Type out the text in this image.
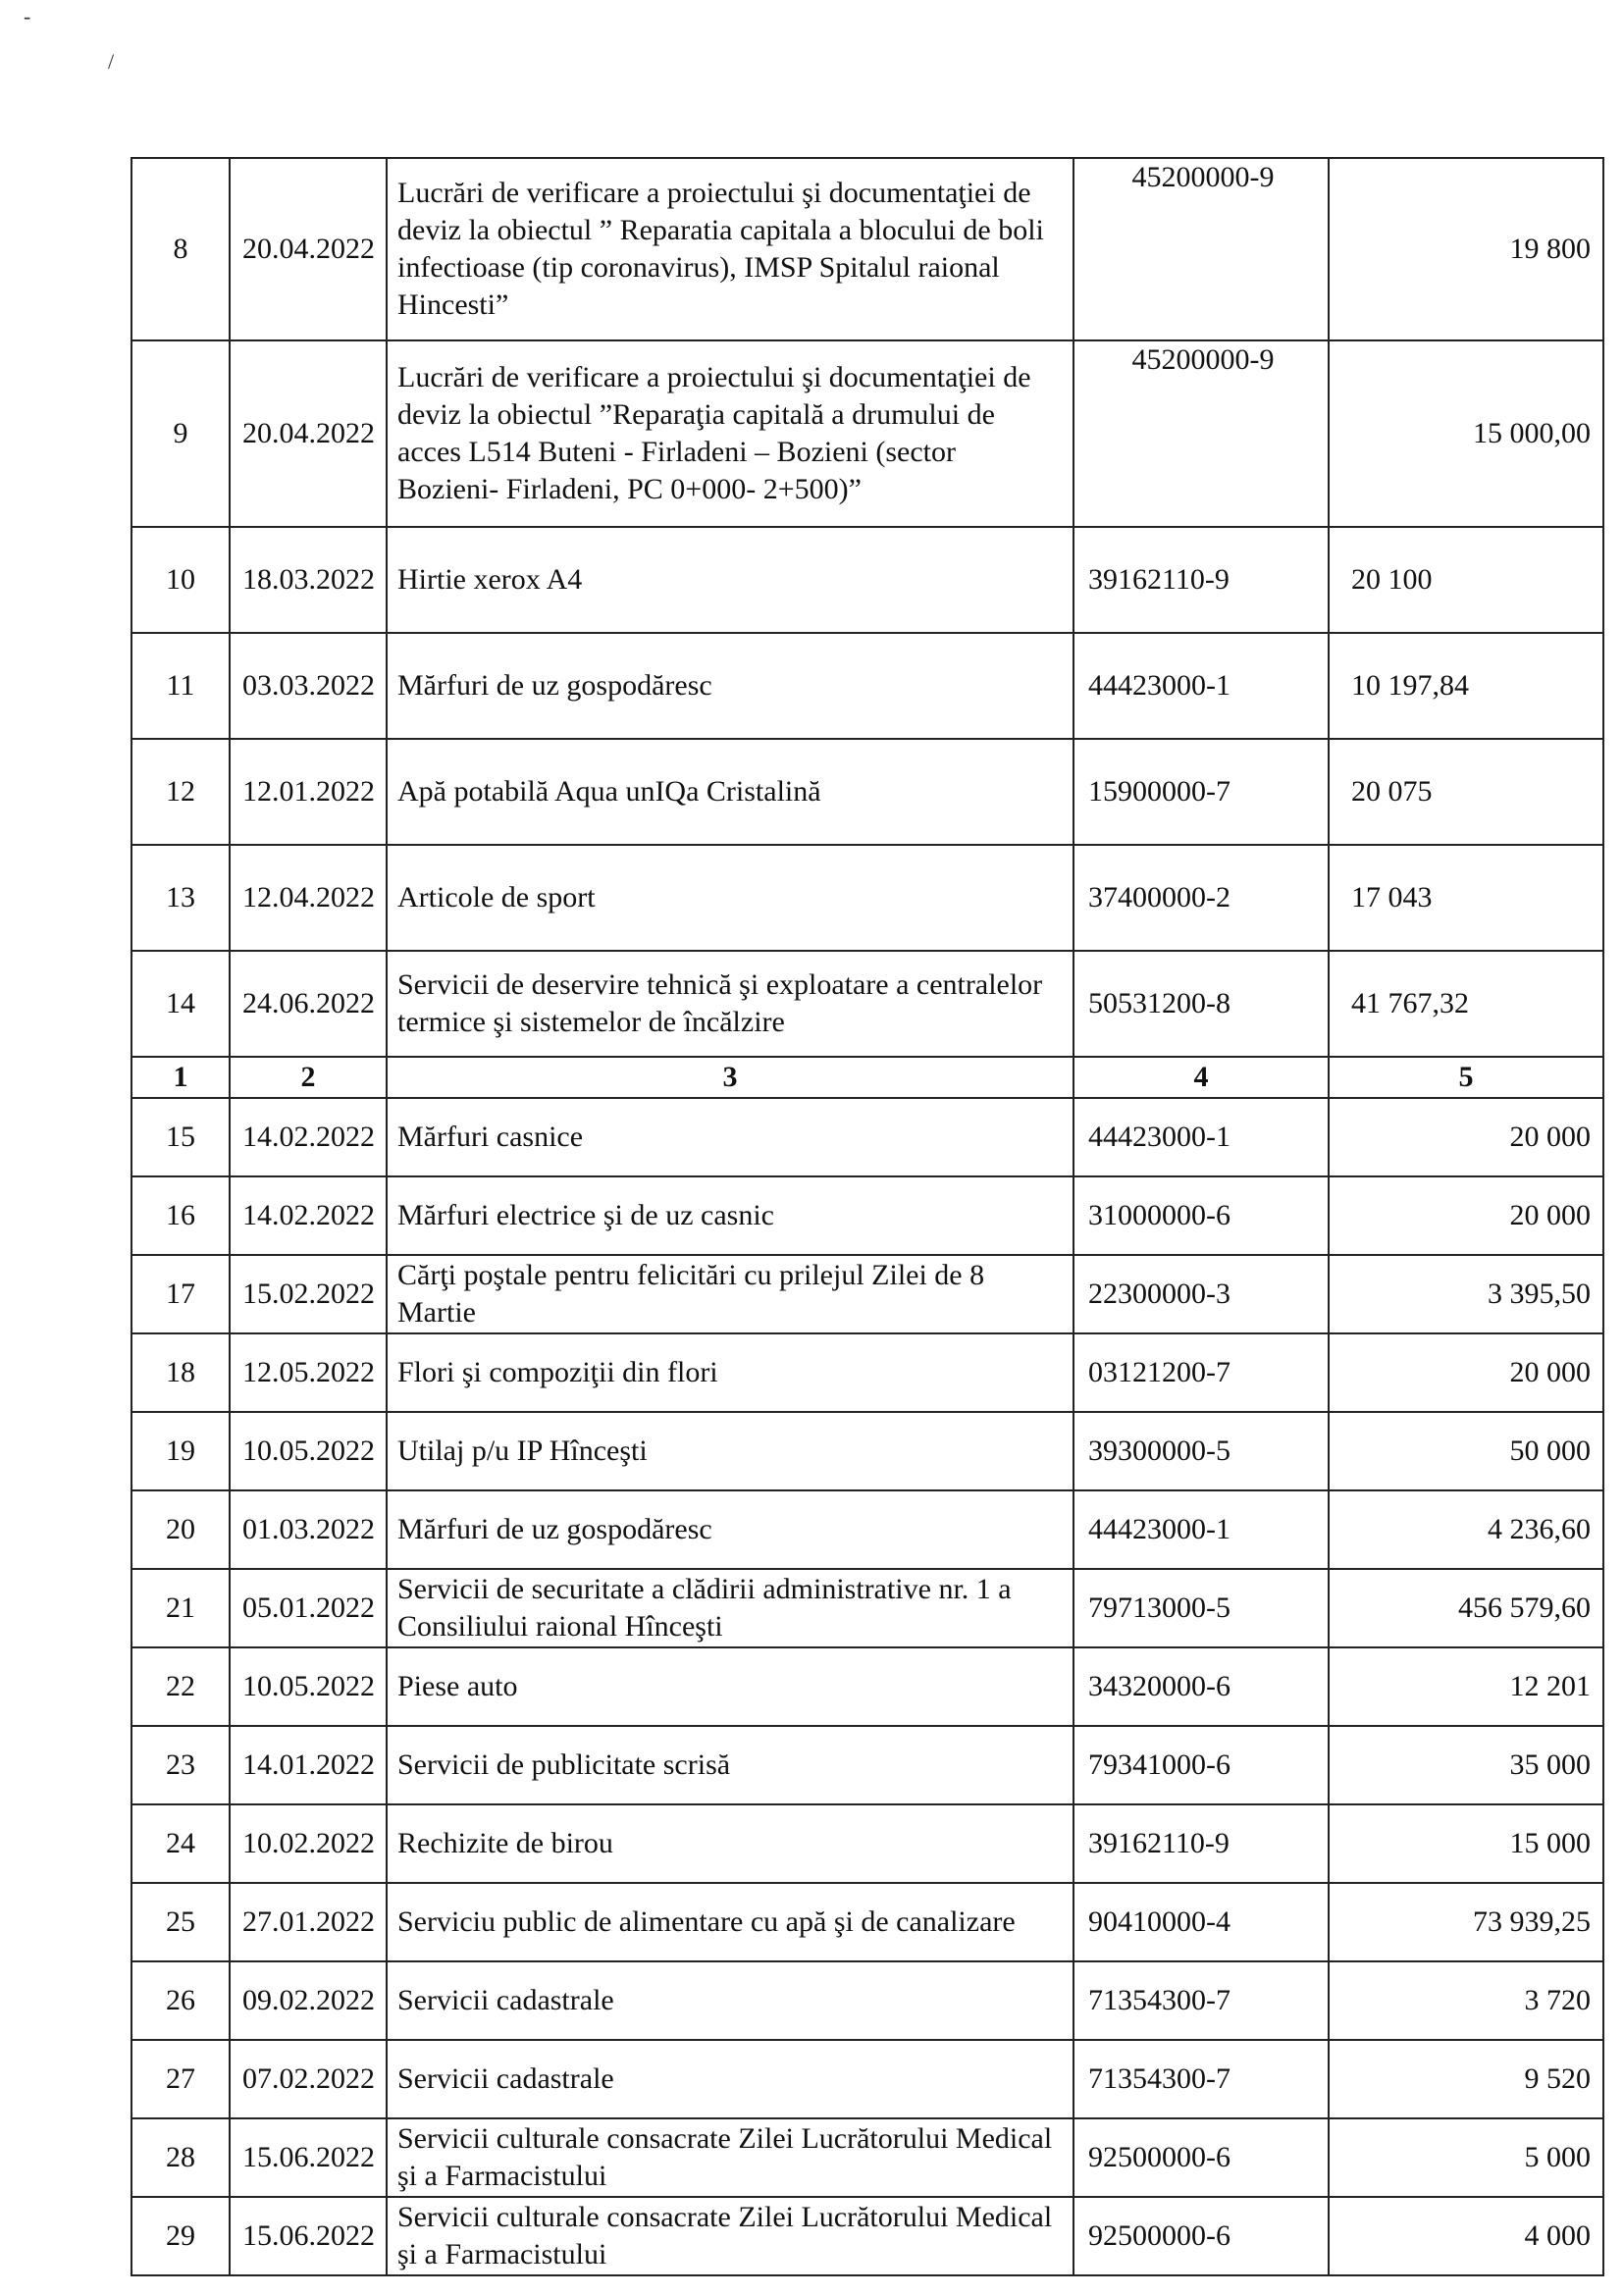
-
/
8	20.04.2022	Lucrări de verificare a proiectului şi documentaţiei de deviz la obiectul ” Reparatia capitala a blocului de boli infectioase (tip coronavirus), IMSP Spitalul raional Hincesti”	45200000-9	19 800
9	20.04.2022	Lucrări de verificare a proiectului şi documentaţiei de deviz la obiectul ”Reparaţia capitală a drumului de acces L514 Buteni - Firladeni – Bozieni (sector Bozieni- Firladeni, PC 0+000- 2+500)”	45200000-9	15 000,00
10	18.03.2022	Hirtie xerox A4	39162110-9	20 100
11	03.03.2022	Mărfuri de uz gospodăresc	44423000-1	10 197,84
12	12.01.2022	Apă potabilă Aqua unIQa Cristalină	15900000-7	20 075
13	12.04.2022	Articole de sport	37400000-2	17 043
14	24.06.2022	Servicii de deservire tehnică şi exploatare a centralelor termice şi sistemelor de încălzire	50531200-8	41 767,32
1	2	3	4	5
15	14.02.2022	Mărfuri casnice	44423000-1	20 000
16	14.02.2022	Mărfuri electrice şi de uz casnic	31000000-6	20 000
17	15.02.2022	Cărţi poştale pentru felicitări cu prilejul Zilei de 8 Martie	22300000-3	3 395,50
18	12.05.2022	Flori şi compoziţii din flori	03121200-7	20 000
19	10.05.2022	Utilaj p/u IP Hînceşti	39300000-5	50 000
20	01.03.2022	Mărfuri de uz gospodăresc	44423000-1	4 236,60
21	05.01.2022	Servicii de securitate a clădirii administrative nr. 1 a Consiliului raional Hînceşti	79713000-5	456 579,60
22	10.05.2022	Piese auto	34320000-6	12 201
23	14.01.2022	Servicii de publicitate scrisă	79341000-6	35 000
24	10.02.2022	Rechizite de birou	39162110-9	15 000
25	27.01.2022	Serviciu public de alimentare cu apă şi de canalizare	90410000-4	73 939,25
26	09.02.2022	Servicii cadastrale	71354300-7	3 720
27	07.02.2022	Servicii cadastrale	71354300-7	9 520
28	15.06.2022	Servicii culturale consacrate Zilei Lucrătorului Medical şi a Farmacistului	92500000-6	5 000
29	15.06.2022	Servicii culturale consacrate Zilei Lucrătorului Medical şi a Farmacistului	92500000-6	4 000
